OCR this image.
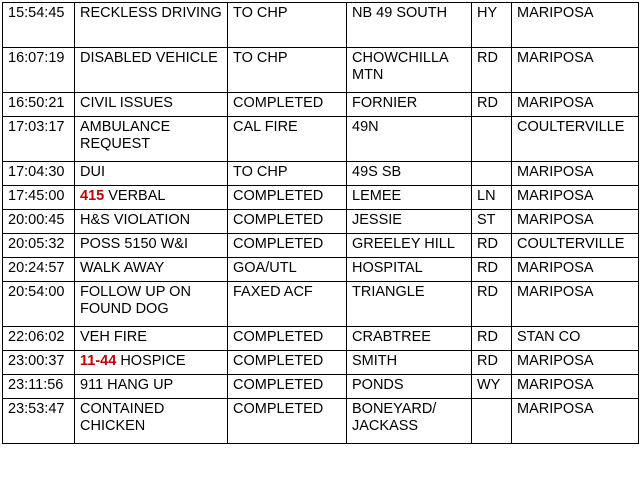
15:54:45	RECKLESS DRIVING	TO CHP	NB 49 SOUTH	HY	MARIPOSA
16:07:19	DISABLED VEHICLE	TO CHP	CHOWCHILLA MTN	RD	MARIPOSA
16:50:21	CIVIL ISSUES	COMPLETED	FORNIER	RD	MARIPOSA
17:03:17	AMBULANCE REQUEST	CAL FIRE	49N		COULTERVILLE
17:04:30	DUI	TO CHP	49S SB		MARIPOSA
17:45:00	415 VERBAL	COMPLETED	LEMEE	LN	MARIPOSA
20:00:45	H&S VIOLATION	COMPLETED	JESSIE	ST	MARIPOSA
20:05:32	POSS 5150 W&I	COMPLETED	GREELEY HILL	RD	COULTERVILLE
20:24:57	WALK AWAY	GOA/UTL	HOSPITAL	RD	MARIPOSA
20:54:00	FOLLOW UP ON FOUND DOG	FAXED ACF	TRIANGLE	RD	MARIPOSA
22:06:02	VEH FIRE	COMPLETED	CRABTREE	RD	STAN CO
23:00:37	11-44 HOSPICE	COMPLETED	SMITH	RD	MARIPOSA
23:11:56	911 HANG UP	COMPLETED	PONDS	WY	MARIPOSA
23:53:47	CONTAINED CHICKEN	COMPLETED	BONEYARD/ JACKASS		MARIPOSA
